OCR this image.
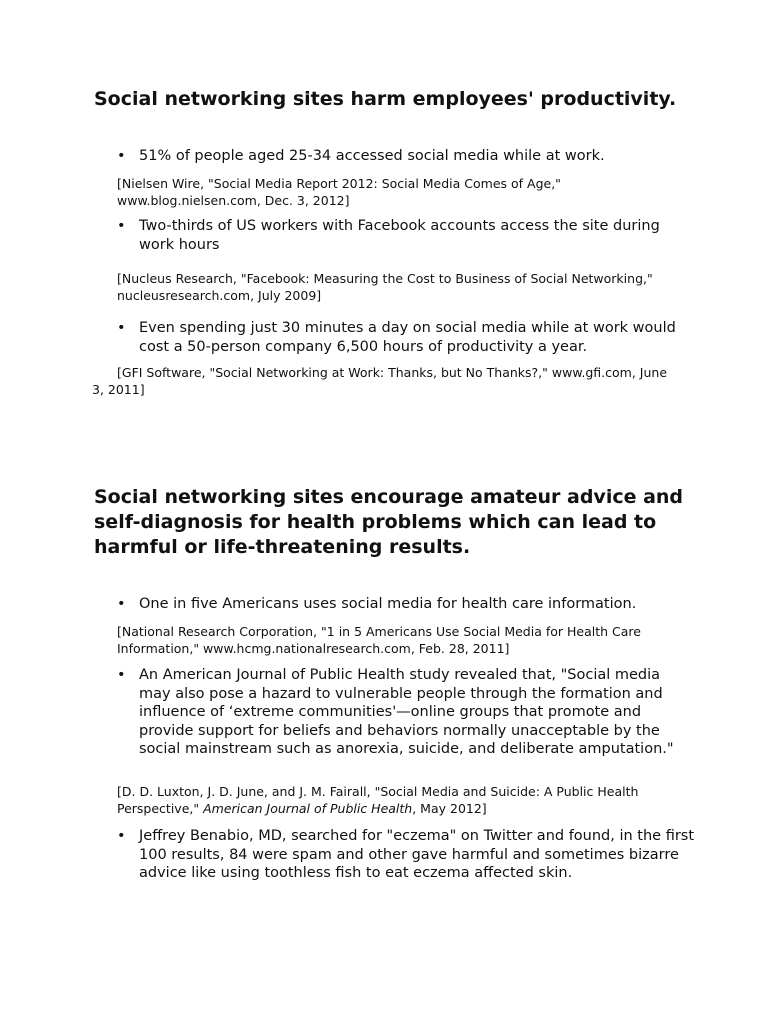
Social networking sites harm employees' productivity.
• 51% of people aged 25-34 accessed social media while at work.
[Nielsen Wire, "Social Media Report 2012: Social Media Comes of Age," www.blog.nielsen.com, Dec. 3, 2012]
• Two-thirds of US workers with Facebook accounts access the site during work hours
[Nucleus Research, "Facebook: Measuring the Cost to Business of Social Networking," nucleusresearch.com, July 2009]
• Even spending just 30 minutes a day on social media while at work would cost a 50-person company 6,500 hours of productivity a year.
[GFI Software, "Social Networking at Work: Thanks, but No Thanks?," www.gfi.com, June 3, 2011]
Social networking sites encourage amateur advice and self-diagnosis for health problems which can lead to harmful or life-threatening results.
• One in five Americans uses social media for health care information.
[National Research Corporation, "1 in 5 Americans Use Social Media for Health Care Information," www.hcmg.nationalresearch.com, Feb. 28, 2011]
• An American Journal of Public Health study revealed that, "Social media may also pose a hazard to vulnerable people through the formation and influence of ‘extreme communities'—online groups that promote and provide support for beliefs and behaviors normally unacceptable by the social mainstream such as anorexia, suicide, and deliberate amputation."
[D. D. Luxton, J. D. June, and J. M. Fairall, "Social Media and Suicide: A Public Health Perspective," American Journal of Public Health, May 2012]
• Jeffrey Benabio, MD, searched for "eczema" on Twitter and found, in the first 100 results, 84 were spam and other gave harmful and sometimes bizarre advice like using toothless fish to eat eczema affected skin.
